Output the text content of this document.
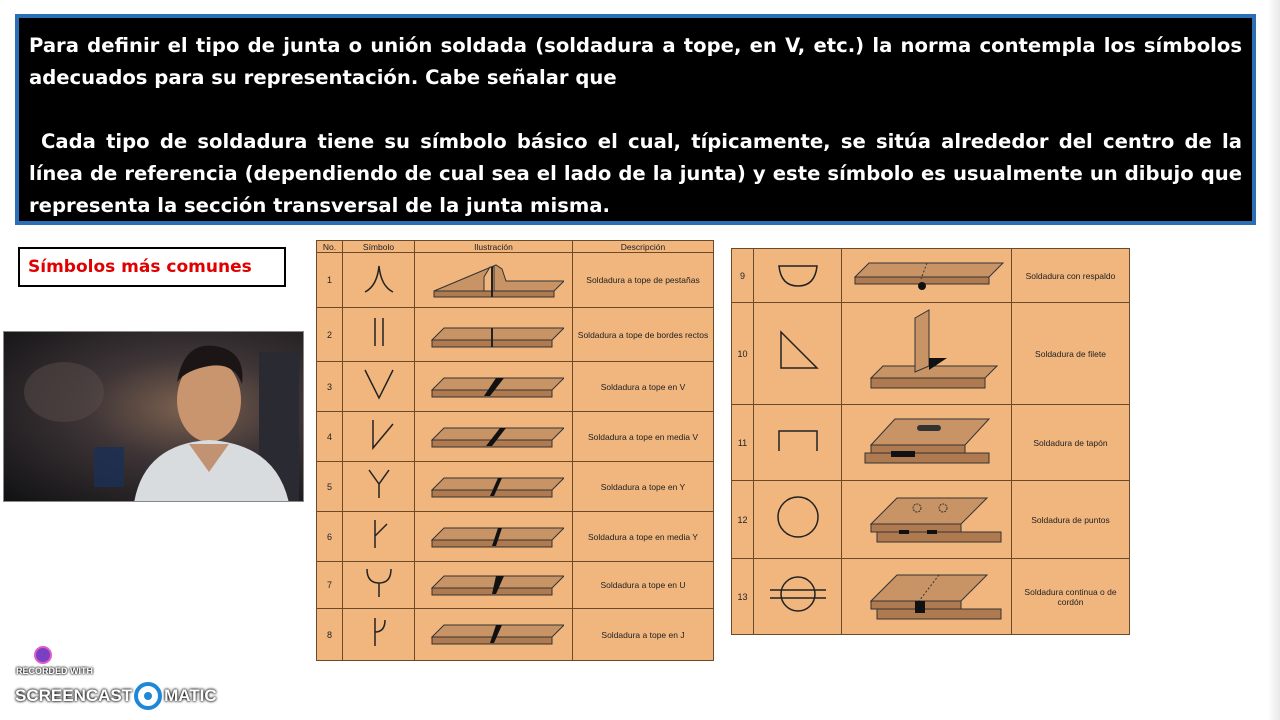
Para definir el tipo de junta o unión soldada (soldadura a tope, en V, etc.) la norma contempla los símbolos adecuados para su representación. Cabe señalar que

Cada tipo de soldadura tiene su símbolo básico el cual, típicamente, se sitúa alrededor del centro de la línea de referencia (dependiendo de cual sea el lado de la junta) y este símbolo es usualmente un dibujo que representa la sección transversal de la junta misma.

Símbolos más comunes
No.	Símbolo	Ilustración	Descripción
1			Soldadura a tope de pestañas
2			Soldadura a tope de bordes rectos
3			Soldadura a tope en V
4			Soldadura a tope en media V
5			Soldadura a tope en Y
6			Soldadura a tope en media Y
7			Soldadura a tope en U
8			Soldadura a tope en J
9			Soldadura con respaldo
10			Soldadura de filete
11			Soldadura de tapón
12			Soldadura de puntos
13			Soldadura continua o de cordón
RECORDED WITH
SCREENCAST MATIC
